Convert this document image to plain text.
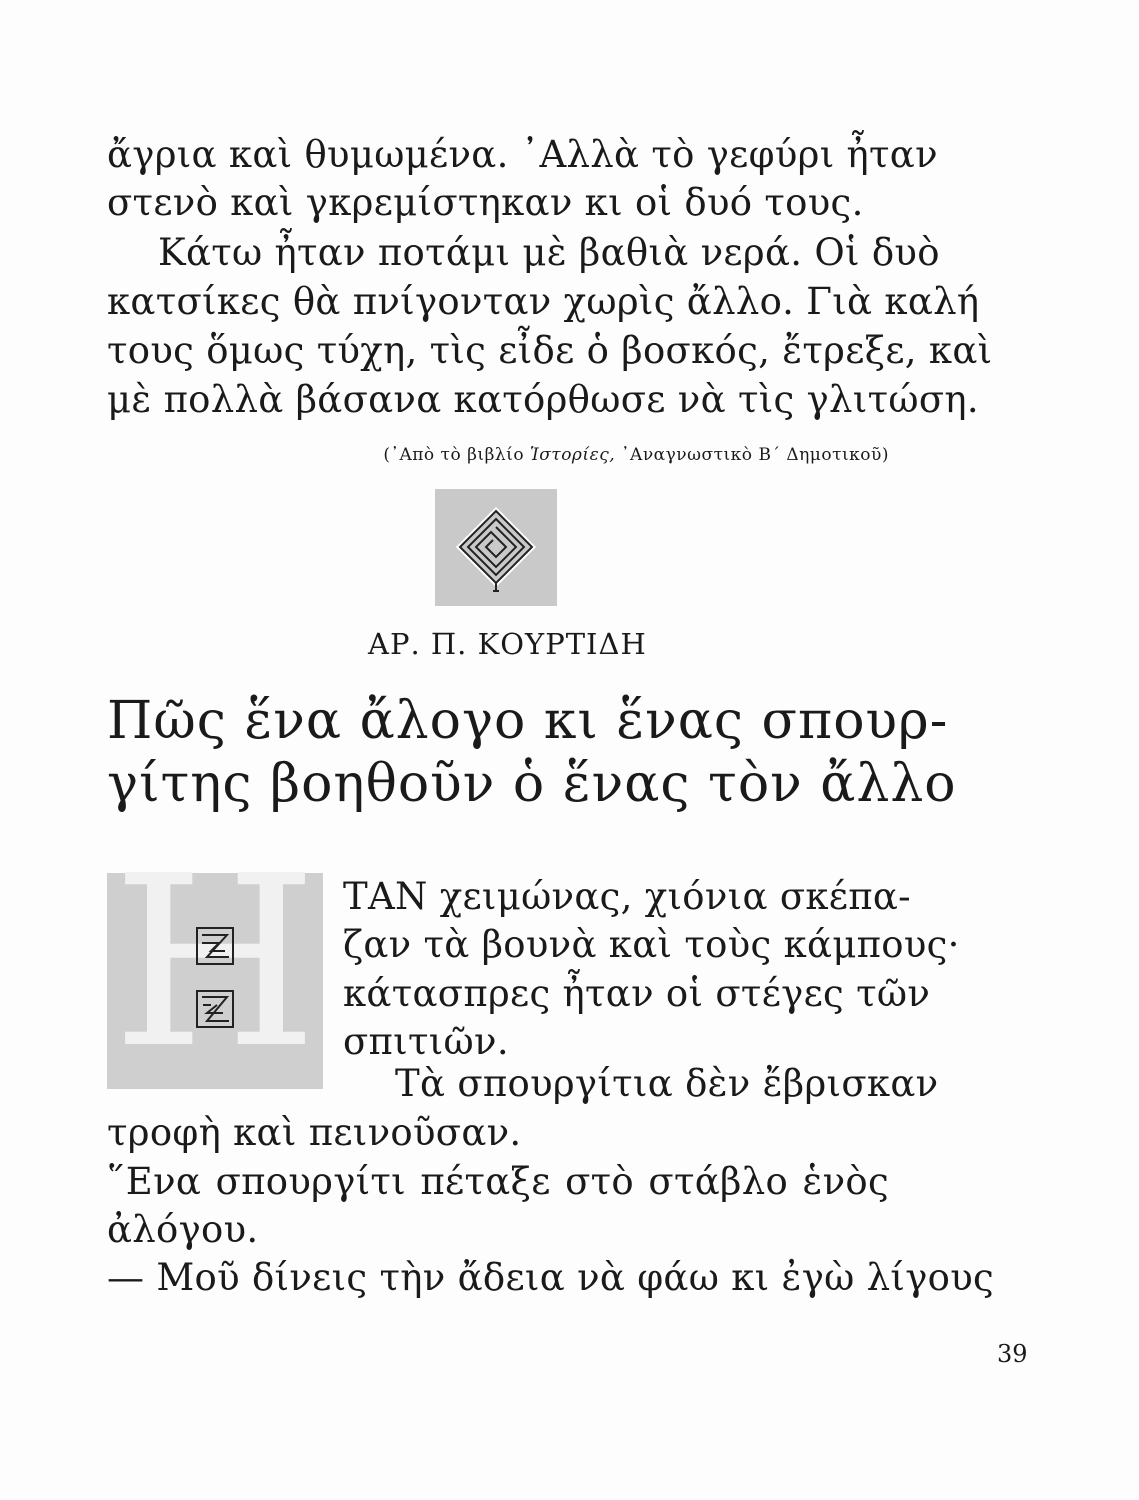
ἄγρια καὶ θυμωμένα. ᾿Αλλὰ τὸ γεφύρι ἦταν
στενὸ καὶ γκρεμίστηκαν κι οἱ δυό τους.
Κάτω ἦταν ποτάμι μὲ βαθιὰ νερά. Οἱ δυὸ
κατσίκες θὰ πνίγονταν χωρὶς ἄλλο. Γιὰ καλή
τους ὅμως τύχη, τὶς εἶδε ὁ βοσκός, ἔτρεξε, καὶ
μὲ πολλὰ βάσανα κατόρθωσε νὰ τὶς γλιτώση.
(᾿Απὸ τὸ βιβλίο Ἱστορίες, ᾿Αναγνωστικὸ Β΄ Δημοτικοῦ)
ΑΡ. Π. ΚΟΥΡΤΙΔΗ
Πῶς ἕνα ἄλογο κι ἕνας σπουρ-
γίτης βοηθοῦν ὁ ἕνας τὸν ἄλλο
Η ΤΑΝ χειμώνας, χιόνια σκέπα-
ζαν τὰ βουνὰ καὶ τοὺς κάμπους·
κάτασπρες ἦταν οἱ στέγες τῶν
σπιτιῶν.
Τὰ σπουργίτια δὲν ἔβρισκαν
τροφὴ καὶ πεινοῦσαν.
῞Ενα σπουργίτι πέταξε στὸ στάβλο ἑνὸς
ἀλόγου.
— Μοῦ δίνεις τὴν ἄδεια νὰ φάω κι ἐγὼ λίγους
39
